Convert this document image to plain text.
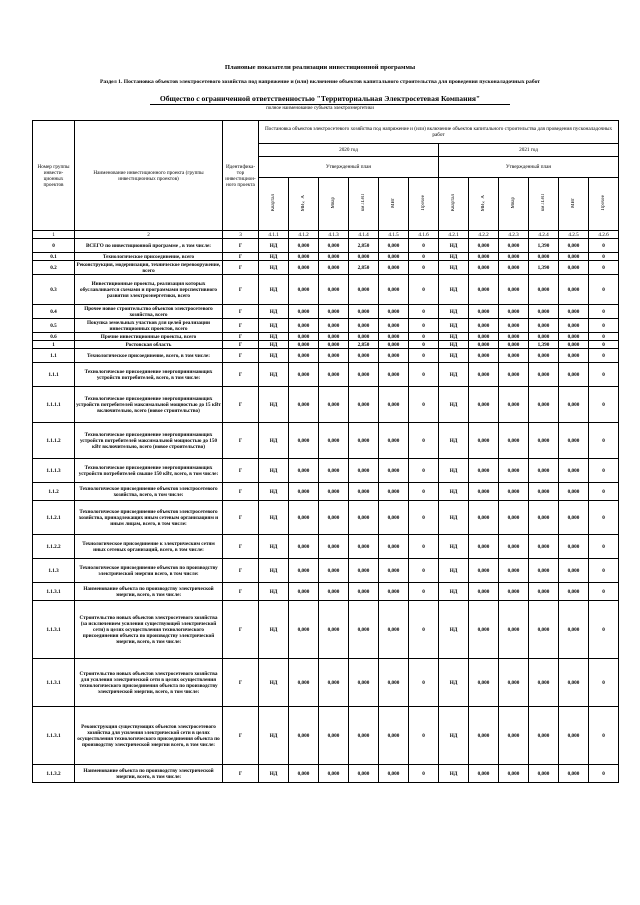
Плановые показатели реализации инвестиционной программы
Раздел 1. Постановка объектов электросетевого хозяйства под напряжение и (или) включение объектов капитального строительства для проведения пусконаладочных работ
Общество с ограниченной ответственностью "Территориальная Электросетевая Компания"
полное наименование субъекта электроэнергетики
Номер группы инвести-ционных проектов	Наименование инвестиционного проекта (группы инвестиционных проектов)	Идентифика-тор инвестицион-ного проекта	Постановка объектов электросетевого хозяйства под напряжение и (или) включение объектов капитального строительства для проведения пусконаладочных работ											
			2020 год						2021 год					
			Утвержденный план						Утвержденный план					
			Квартал	МВ×А	Мвар	км ЛЭП	МВт	Прочее	Квартал	МВ×А	Мвар	км ЛЭП	МВт	Прочее
1	2	3	4.1.1	4.1.2	4.1.3	4.1.4	4.1.5	4.1.6	4.2.1	4.2.2	4.2.3	4.2.4	4.2.5	4.2.6
0	ВСЕГО по инвестиционной программе , в том числе:	Г	НД	0,000	0,000	2,850	0,000	0	НД	0,000	0,000	1,390	0,000	0
0.1	Технологическое присоединение, всего	Г	НД	0,000	0,000	0,000	0,000	0	НД	0,000	0,000	0,000	0,000	0
0.2	Реконструкция, модернизация, техническое перевооружение, всего	Г	НД	0,000	0,000	2,850	0,000	0	НД	0,000	0,000	1,390	0,000	0
0.3	Инвестиционные проекты, реализация которых обуславливается схемами и программами перспективного развития электроэнергетики, всего	Г	НД	0,000	0,000	0,000	0,000	0	НД	0,000	0,000	0,000	0,000	0
0.4	Прочее новое строительство объектов электросетевого хозяйства, всего	Г	НД	0,000	0,000	0,000	0,000	0	НД	0,000	0,000	0,000	0,000	0
0.5	Покупка земельных участков для целей реализации инвестиционных проектов, всего	Г	НД	0,000	0,000	0,000	0,000	0	НД	0,000	0,000	0,000	0,000	0
0.6	Прочие инвестиционные проекты, всего	Г	НД	0,000	0,000	0,000	0,000	0	НД	0,000	0,000	0,000	0,000	0
1	Ростовская область	Г	НД	0,000	0,000	2,850	0,000	0	НД	0,000	0,000	1,390	0,000	0
1.1	Технологическое присоединение, всего, в том числе:	Г	НД	0,000	0,000	0,000	0,000	0	НД	0,000	0,000	0,000	0,000	0
1.1.1	Технологическое присоединение энергопринимающих устройств потребителей, всего, в том числе:	Г	НД	0,000	0,000	0,000	0,000	0	НД	0,000	0,000	0,000	0,000	0
1.1.1.1	Технологическое присоединение энергопринимающих устройств потребителей максимальной мощностью до 15 кВт включительно, всего (новое строительство)	Г	НД	0,000	0,000	0,000	0,000	0	НД	0,000	0,000	0,000	0,000	0
1.1.1.2	Технологическое присоединение энергопринимающих устройств потребителей максимальной мощностью до 150 кВт включительно, всего (новое строительство)	Г	НД	0,000	0,000	0,000	0,000	0	НД	0,000	0,000	0,000	0,000	0
1.1.1.3	Технологическое присоединение энергопринимающих устройств потребителей свыше 150 кВт, всего, в том числе:	Г	НД	0,000	0,000	0,000	0,000	0	НД	0,000	0,000	0,000	0,000	0
1.1.2	Технологическое присоединение объектов электросетевого хозяйства, всего, в том числе:	Г	НД	0,000	0,000	0,000	0,000	0	НД	0,000	0,000	0,000	0,000	0
1.1.2.1	Технологическое присоединение объектов электросетевого хозяйства, принадлежащих иным сетевым организациям и иным лицам, всего, в том числе:	Г	НД	0,000	0,000	0,000	0,000	0	НД	0,000	0,000	0,000	0,000	0
1.1.2.2	Технологическое присоединение к электрическим сетям иных сетевых организаций, всего, в том числе:	Г	НД	0,000	0,000	0,000	0,000	0	НД	0,000	0,000	0,000	0,000	0
1.1.3	Технологическое присоединение объектов по производству электрической энергии всего, в том числе:	Г	НД	0,000	0,000	0,000	0,000	0	НД	0,000	0,000	0,000	0,000	0
1.1.3.1	Наименование объекта по производству электрической энергии, всего, в том числе:	Г	НД	0,000	0,000	0,000	0,000	0	НД	0,000	0,000	0,000	0,000	0
1.1.3.1	Строительство новых объектов электросетевого хозяйства (за исключением усиления существующей электрической сети) в целях осуществления технологического присоединения объекта по производству электрической энергии, всего, в том числе:	Г	НД	0,000	0,000	0,000	0,000	0	НД	0,000	0,000	0,000	0,000	0
1.1.3.1	Строительство новых объектов электросетевого хозяйства для усиления электрической сети в целях осуществления технологического присоединения объекта по производству электрической энергии, всего, в том числе:	Г	НД	0,000	0,000	0,000	0,000	0	НД	0,000	0,000	0,000	0,000	0
1.1.3.1	Реконструкция существующих объектов электросетевого хозяйства для усиления электрической сети в целях осуществления технологического присоединения объекта по производству электрической энергии всего, в том числе:	Г	НД	0,000	0,000	0,000	0,000	0	НД	0,000	0,000	0,000	0,000	0
1.1.3.2	Наименование объекта по производству электрической энергии, всего, в том числе:	Г	НД	0,000	0,000	0,000	0,000	0	НД	0,000	0,000	0,000	0,000	0
